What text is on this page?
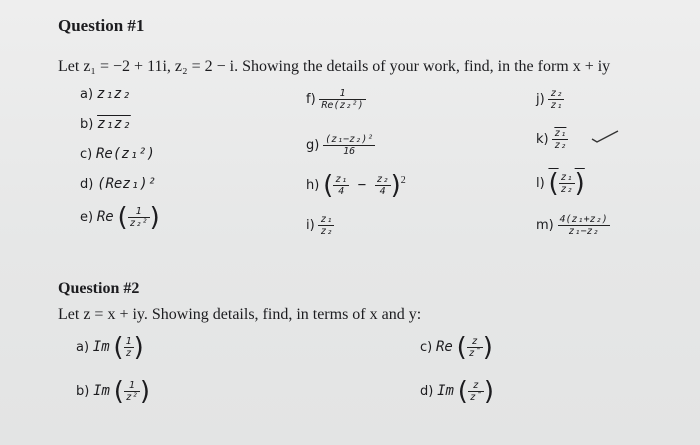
Question #1
Let z₁ = −2 + 11i, z₂ = 2 − i. Showing the details of your work, find, in the form x + iy
a) z₁z₂
b) z₁z₂
c) Re(z₁²)
d) (Rez₁)²
e) Re ( $\frac{1}{\text{z₂²}}$ )
$f) \frac{1}{\text{Re(z₂²)}}$
$g) \frac{\text{(z₁−z₂)²}}{16}$
h) ( $\frac{\text{z₁}}{4} - \frac{\text{z₂}}{4} )^2$
$i) \frac{\text{z₁}}{\text{z₂}}$
$j) \frac{\text{z₂}}{\text{z₁}}$
$k) \frac{\text{z₁}}{\text{z₂}}$
l) ( $\frac{\text{z₁}}{\text{z₂}}$ )
$m) \frac{\text{4(z₁+z₂)}}{\text{z₁−z₂}}$
Question #2
Let z = x + iy. Showing details, find, in terms of x and y:
a) Im ( $\frac{1}{z}$ )
b) Im ( $\frac{1}{\text{z²}}$ )
c) Re ( $\frac{z}{z̄}$ )
d) Im ( $\frac{z}{z̄}$ )
